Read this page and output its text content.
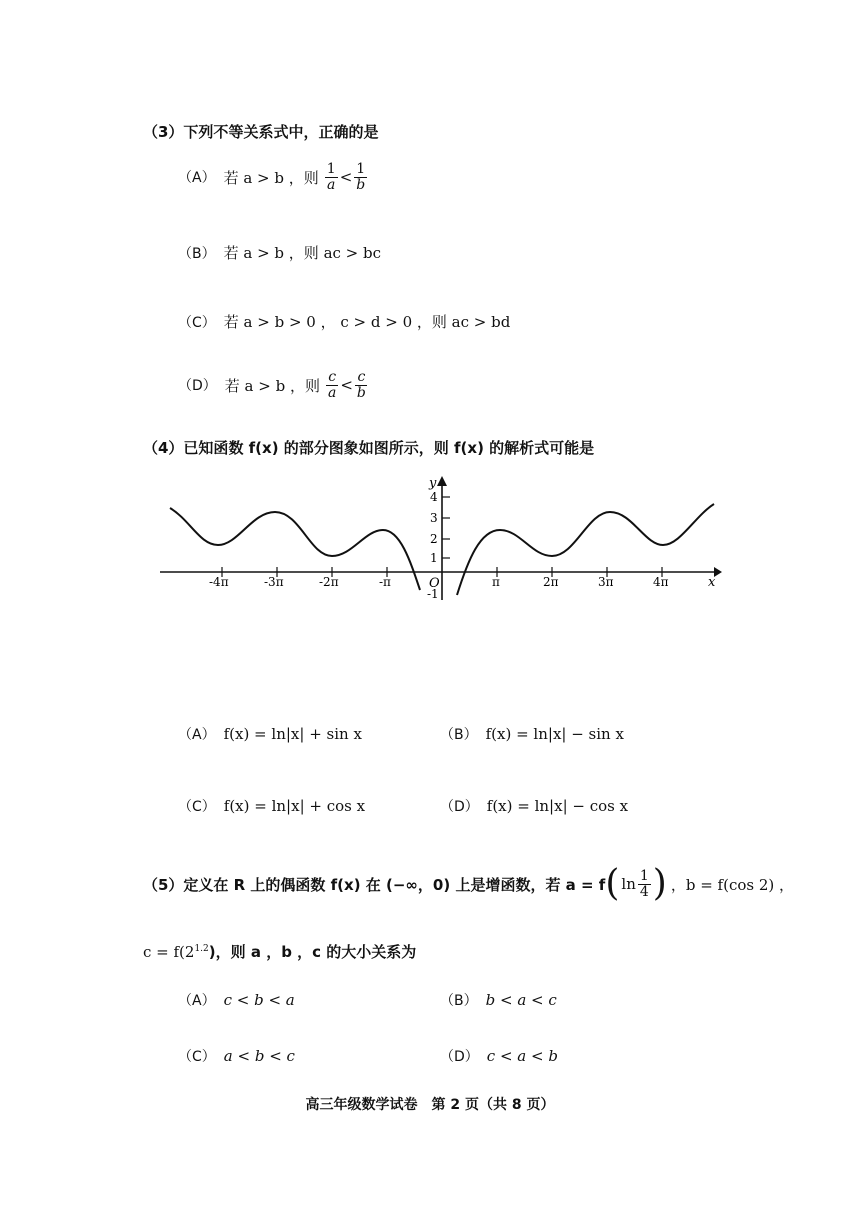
（3）下列不等关系式中，正确的是
（A） 若 a > b ，则 $\frac{1}{a} < \frac{1}{b}$
（B） 若 a > b ，则 ac > bc
（C） 若 a > b > 0 ， c > d > 0 ，则 ac > bd
（D） 若 a > b ，则 $\frac{c}{a} < \frac{c}{b}$
（4）已知函数 f(x) 的部分图象如图所示，则 f(x) 的解析式可能是
y
x
O
4
3
2
1
-1
-4π	-3π	-2π	-π	π	2π	3π	4π
（A） f(x) = ln|x| + sin x	（B） f(x) = ln|x| − sin x
（C） f(x) = ln|x| + cos x	（D） f(x) = ln|x| − cos x
（5）定义在 R 上的偶函数 f(x) 在 (−∞，0) 上是增函数，若 a = f ( $\ln \frac{1}{4}$ ) ，b = f(cos 2) ，
$c = f(2^{1.2})$，则 a ，b ，c 的大小关系为
（A） c < b < a	（B） b < a < c
（C） a < b < c	（D） c < a < b
高三年级数学试卷　第 2 页（共 8 页）
